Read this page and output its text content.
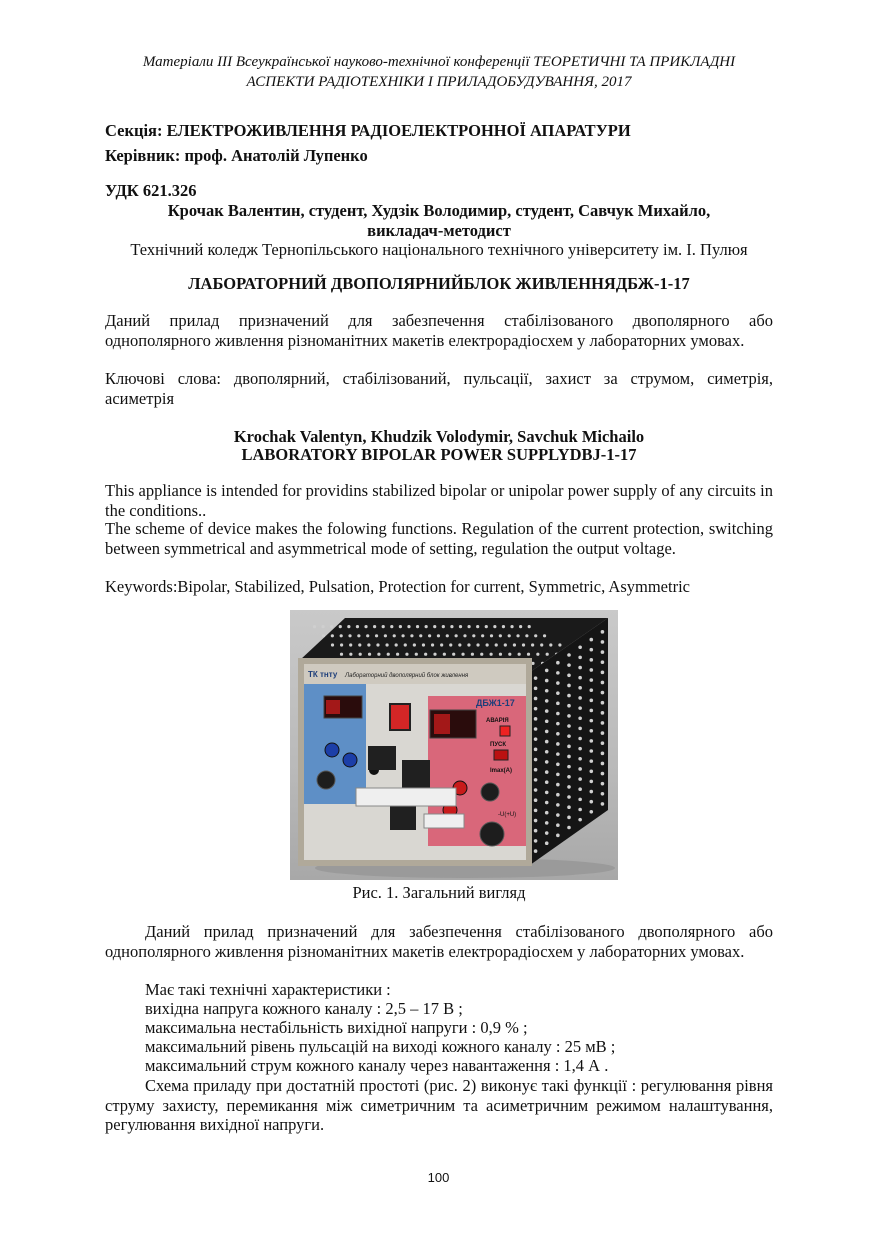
Матеріали ІІІ Всеукраїнської науково-технічної конференції ТЕОРЕТИЧНІ ТА ПРИКЛАДНІ
АСПЕКТИ РАДІОТЕХНІКИ І ПРИЛАДОБУДУВАННЯ, 2017
Секція: ЕЛЕКТРОЖИВЛЕННЯ РАДІОЕЛЕКТРОННОЇ АПАРАТУРИ
Керівник: проф. Анатолій Лупенко
УДК 621.326
Крочак Валентин, студент, Худзік Володимир, студент, Савчук Михайло,
викладач-методист
Технічний коледж Тернопільського національного технічного університету ім. І. Пулюя
ЛАБОРАТОРНИЙ ДВОПОЛЯРНИЙБЛОК ЖИВЛЕННЯДБЖ-1-17
Даний прилад призначений для забезпечення стабілізованого двополярного або однополярного живлення різноманітних макетів електрорадіосхем у лабораторних умовах.
Ключові слова: двополярний, стабілізований, пульсації, захист за струмом, симетрія, асиметрія
Krochak Valentyn, Khudzik Volodymir, Savchuk Michailo
LABORATORY BIPOLAR POWER SUPPLYDBJ-1-17
This appliance is intended for providins stabilized bipolar or unipolar power supply of any circuits in the conditions..
The scheme of device makes the folowing functions. Regulation of the current protection, switching between symmetrical and asymmetrical mode of setting, regulation the output voltage.
Keywords:Bipolar, Stabilized, Pulsation, Protection for current, Symmetric, Asymmetric
ТК тнту Лабораторний двополярний блок живлення
ДБЖ1-17
АВАРІЯ
ПУСК
Imax(A)
-U(+U)
Рис. 1. Загальний вигляд
Даний прилад призначений для забезпечення стабілізованого двополярного або однополярного живлення різноманітних макетів електрорадіосхем у лабораторних умовах.
Має такі технічні характеристики :
вихідна напруга кожного каналу : 2,5 – 17 В ;
максимальна нестабільність вихідної напруги : 0,9 % ;
максимальний рівень пульсацій на виході кожного каналу : 25 мВ ;
максимальний струм кожного каналу через навантаження : 1,4 А .
Схема приладу при достатній простоті (рис. 2) виконує такі функції : регулювання рівня струму захисту, перемикання між симетричним та асиметричним режимом налаштування, регулювання вихідної напруги.
100
